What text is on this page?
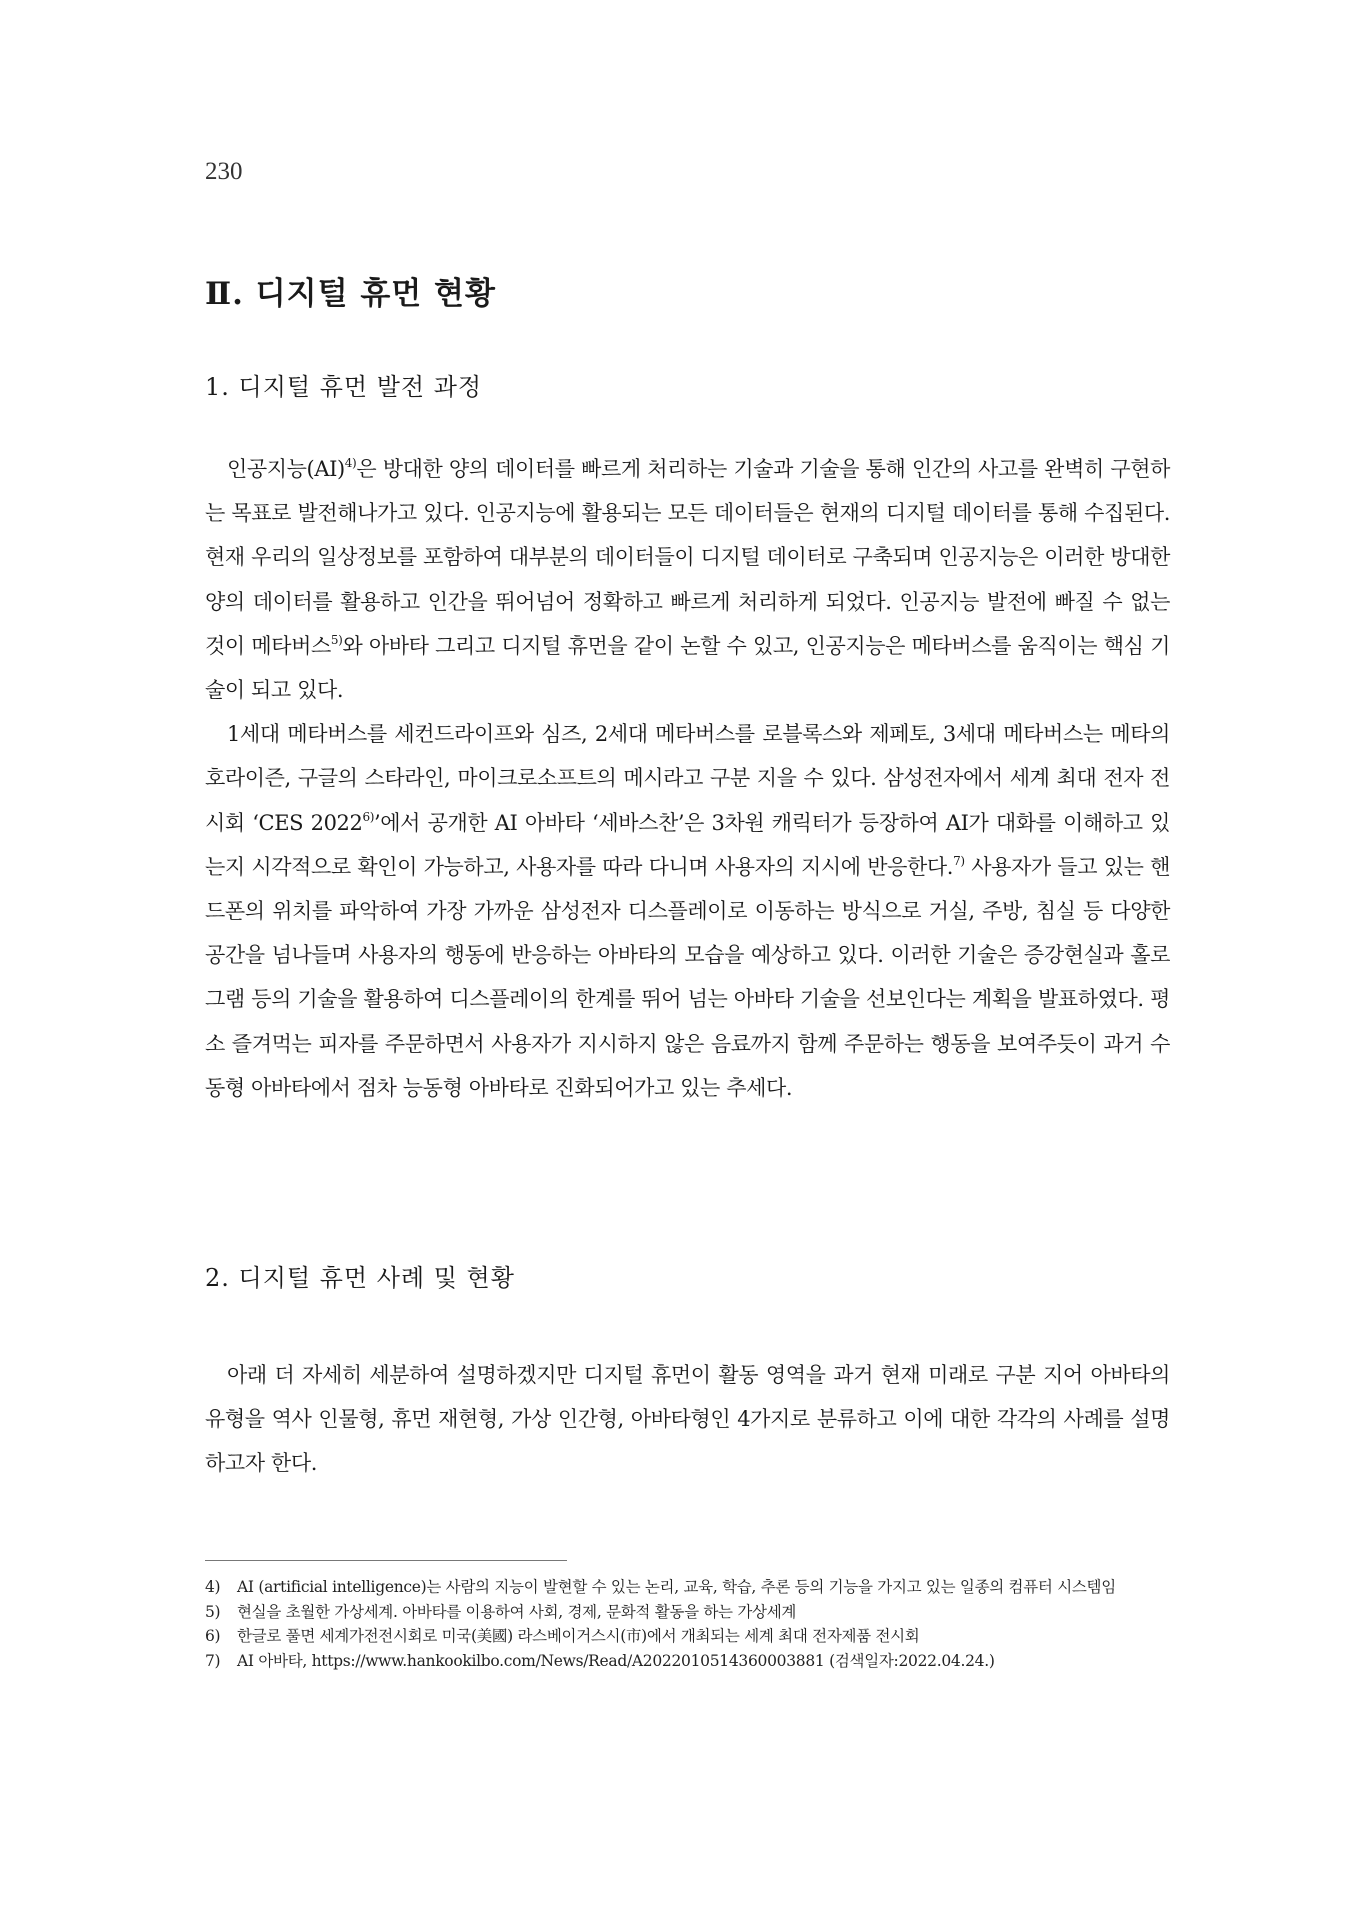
230
Ⅱ. 디지털 휴먼 현황
1. 디지털 휴먼 발전 과정

인공지능(AI)$^{4)}$은 방대한 양의 데이터를 빠르게 처리하는 기술과 기술을 통해 인간의 사고를 완벽히 구현하는 목표로 발전해나가고 있다. 인공지능에 활용되는 모든 데이터들은 현재의 디지털 데이터를 통해 수집된다. 현재 우리의 일상정보를 포함하여 대부분의 데이터들이 디지털 데이터로 구축되며 인공지능은 이러한 방대한 양의 데이터를 활용하고 인간을 뛰어넘어 정확하고 빠르게 처리하게 되었다. 인공지능 발전에 빠질 수 없는 것이 메타버스$^{5)}$와 아바타 그리고 디지털 휴먼을 같이 논할 수 있고, 인공지능은 메타버스를 움직이는 핵심 기술이 되고 있다.

1세대 메타버스를 세컨드라이프와 심즈, 2세대 메타버스를 로블록스와 제페토, 3세대 메타버스는 메타의 호라이즌, 구글의 스타라인, 마이크로소프트의 메시라고 구분 지을 수 있다. 삼성전자에서 세계 최대 전자 전시회 ‘CES 2022$^{6)}$’에서 공개한 AI 아바타 ‘세바스찬’은 3차원 캐릭터가 등장하여 AI가 대화를 이해하고 있는지 시각적으로 확인이 가능하고, 사용자를 따라 다니며 사용자의 지시에 반응한다.$^{7)}$ 사용자가 들고 있는 핸드폰의 위치를 파악하여 가장 가까운 삼성전자 디스플레이로 이동하는 방식으로 거실, 주방, 침실 등 다양한 공간을 넘나들며 사용자의 행동에 반응하는 아바타의 모습을 예상하고 있다. 이러한 기술은 증강현실과 홀로그램 등의 기술을 활용하여 디스플레이의 한계를 뛰어 넘는 아바타 기술을 선보인다는 계획을 발표하였다. 평소 즐겨먹는 피자를 주문하면서 사용자가 지시하지 않은 음료까지 함께 주문하는 행동을 보여주듯이 과거 수동형 아바타에서 점차 능동형 아바타로 진화되어가고 있는 추세다.

2. 디지털 휴먼 사례 및 현황

아래 더 자세히 세분하여 설명하겠지만 디지털 휴먼이 활동 영역을 과거 현재 미래로 구분 지어 아바타의 유형을 역사 인물형, 휴먼 재현형, 가상 인간형, 아바타형인 4가지로 분류하고 이에 대한 각각의 사례를 설명하고자 한다.

4) AI (artificial intelligence)는 사람의 지능이 발현할 수 있는 논리, 교육, 학습, 추론 등의 기능을 가지고 있는 일종의 컴퓨터 시스템임
5) 현실을 초월한 가상세계. 아바타를 이용하여 사회, 경제, 문화적 활동을 하는 가상세계
6) 한글로 풀면 세계가전전시회로 미국(美國) 라스베이거스시(市)에서 개최되는 세계 최대 전자제품 전시회
7) AI 아바타, https://www.hankookilbo.com/News/Read/A2022010514360003881 (검색일자:2022.04.24.)
